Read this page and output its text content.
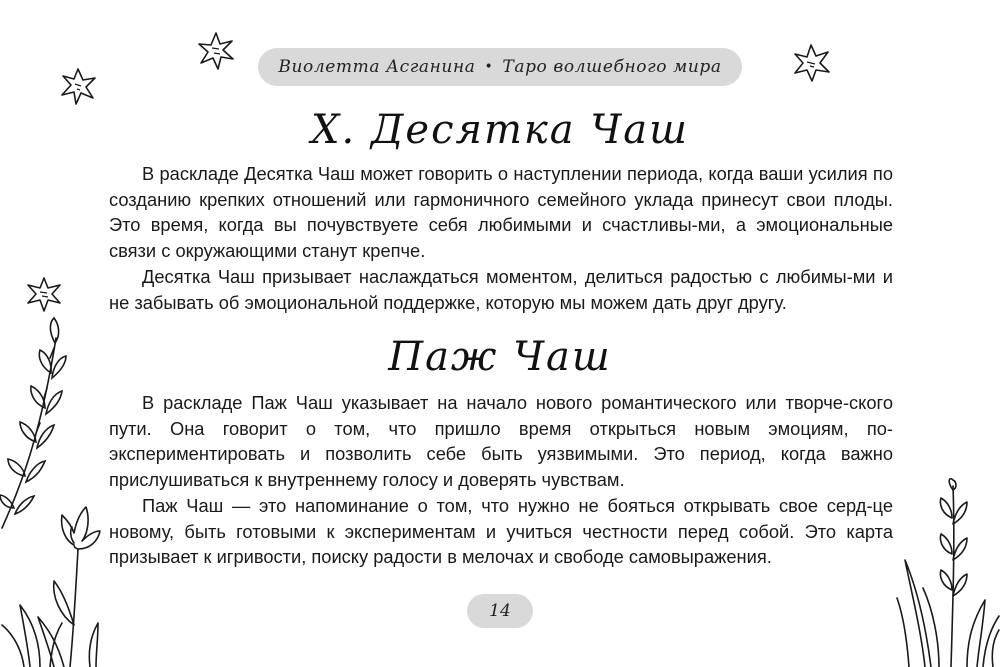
Виолетта Асганина • Таро волшебного мира
X. Десятка Чаш

В раскладе Десятка Чаш может говорить о наступлении периода, когда ваши усилия по созданию крепких отношений или гармоничного семейного уклада принесут свои плоды. Это время, когда вы почувствуете себя любимыми и счастливы-ми, а эмоциональные связи с окружающими станут крепче.

Десятка Чаш призывает наслаждаться моментом, делиться радостью с любимы-ми и не забывать об эмоциональной поддержке, которую мы можем дать друг другу.

Паж Чаш

В раскладе Паж Чаш указывает на начало нового романтического или творче-ского пути. Она говорит о том, что пришло время открыться новым эмоциям, по-экспериментировать и позволить себе быть уязвимыми. Это период, когда важно прислушиваться к внутреннему голосу и доверять чувствам.

Паж Чаш — это напоминание о том, что нужно не бояться открывать свое серд-це новому, быть готовыми к экспериментам и учиться честности перед собой. Это карта призывает к игривости, поиску радости в мелочах и свободе самовыражения.

14
